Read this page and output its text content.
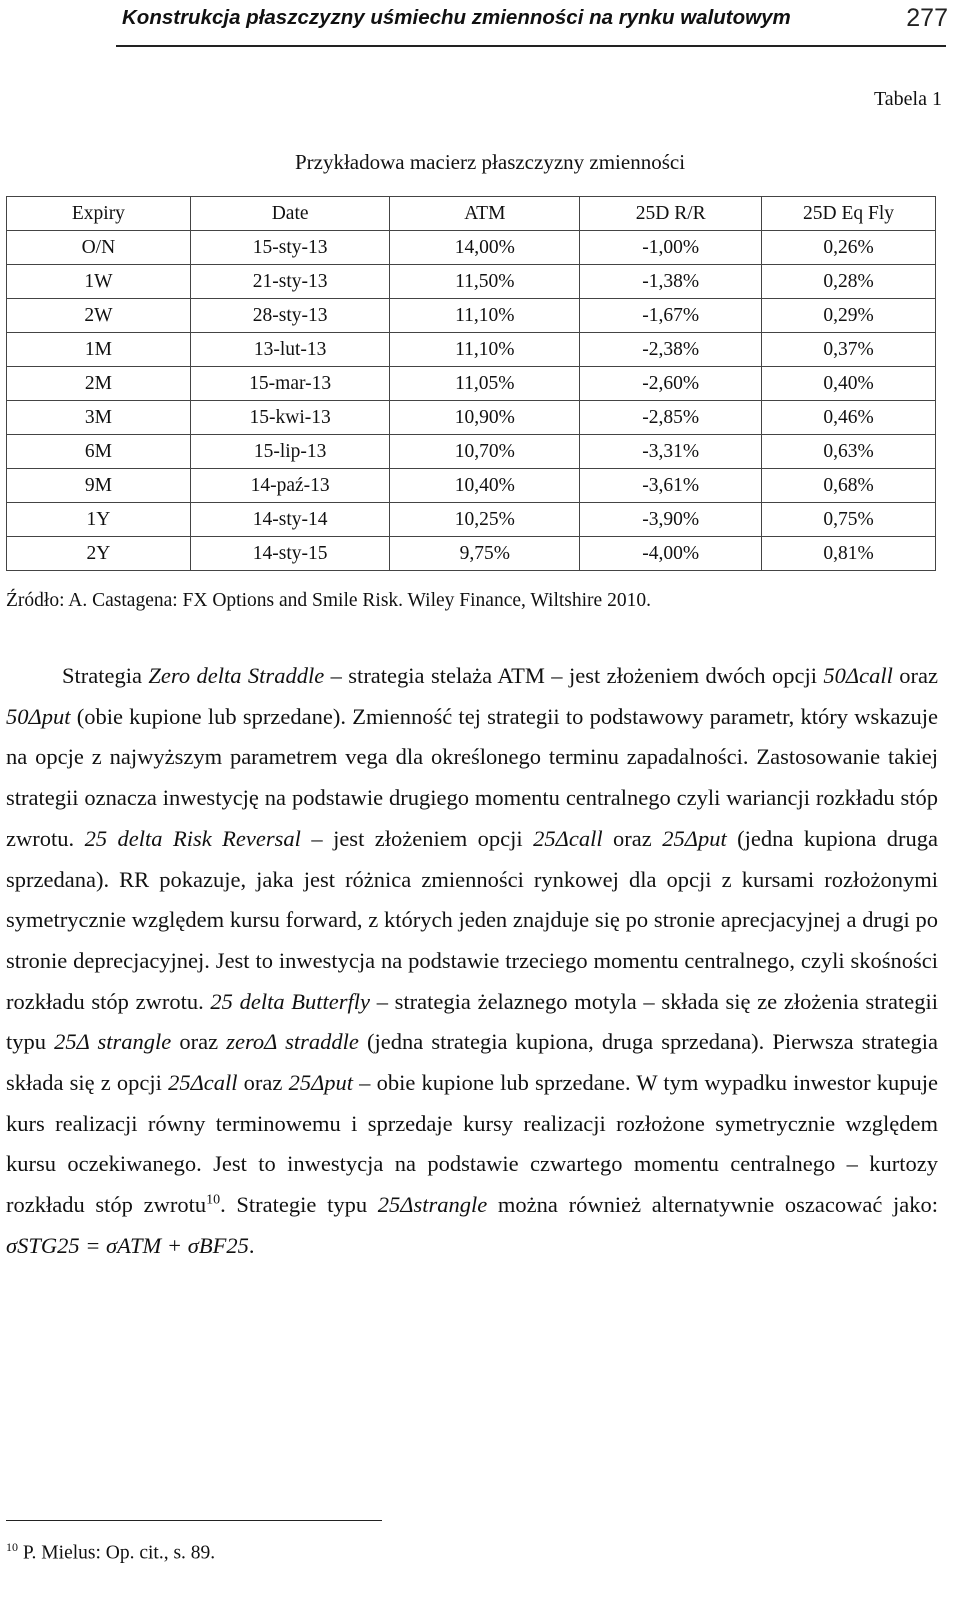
Konstrukcja płaszczyzny uśmiechu zmienności na rynku walutowym	277
Tabela 1
Przykładowa macierz płaszczyzny zmienności
Expiry	Date	ATM	25D R/R	25D Eq Fly
O/N	15-sty-13	14,00%	-1,00%	0,26%
1W	21-sty-13	11,50%	-1,38%	0,28%
2W	28-sty-13	11,10%	-1,67%	0,29%
1M	13-lut-13	11,10%	-2,38%	0,37%
2M	15-mar-13	11,05%	-2,60%	0,40%
3M	15-kwi-13	10,90%	-2,85%	0,46%
6M	15-lip-13	10,70%	-3,31%	0,63%
9M	14-paź-13	10,40%	-3,61%	0,68%
1Y	14-sty-14	10,25%	-3,90%	0,75%
2Y	14-sty-15	9,75%	-4,00%	0,81%
Źródło: A. Castagena: FX Options and Smile Risk. Wiley Finance, Wiltshire 2010.
Strategia Zero delta Straddle – strategia stelaża ATM – jest złożeniem dwóch opcji 50Δcall oraz 50Δput (obie kupione lub sprzedane). Zmienność tej strategii to podstawowy parametr, który wskazuje na opcje z najwyższym parametrem vega dla określonego terminu zapadalności. Zastosowanie takiej strategii oznacza inwestycję na podstawie drugiego momentu centralnego czyli wariancji rozkładu stóp zwrotu. 25 delta Risk Reversal – jest złożeniem opcji 25Δcall oraz 25Δput (jedna kupiona druga sprzedana). RR pokazuje, jaka jest różnica zmienności rynkowej dla opcji z kursami rozłożonymi symetrycznie względem kursu forward, z których jeden znajduje się po stronie aprecjacyjnej a drugi po stronie deprecjacyjnej. Jest to inwestycja na podstawie trzeciego momentu centralnego, czyli skośności rozkładu stóp zwrotu. 25 delta Butterfly – strategia żelaznego motyla – składa się ze złożenia strategii typu 25Δ strangle oraz zeroΔ straddle (jedna strategia kupiona, druga sprzedana). Pierwsza strategia składa się z opcji 25Δcall oraz 25Δput – obie kupione lub sprzedane. W tym wypadku inwestor kupuje kurs realizacji równy terminowemu i sprzedaje kursy realizacji rozłożone symetrycznie względem kursu oczekiwanego. Jest to inwestycja na podstawie czwartego momentu centralnego – kurtozy rozkładu stóp zwrotu$^{10}$. Strategie typu 25Δstrangle można również alternatywnie oszacować jako: σSTG25 = σATM + σBF25.
$^{10}$ P. Mielus: Op. cit., s. 89.
